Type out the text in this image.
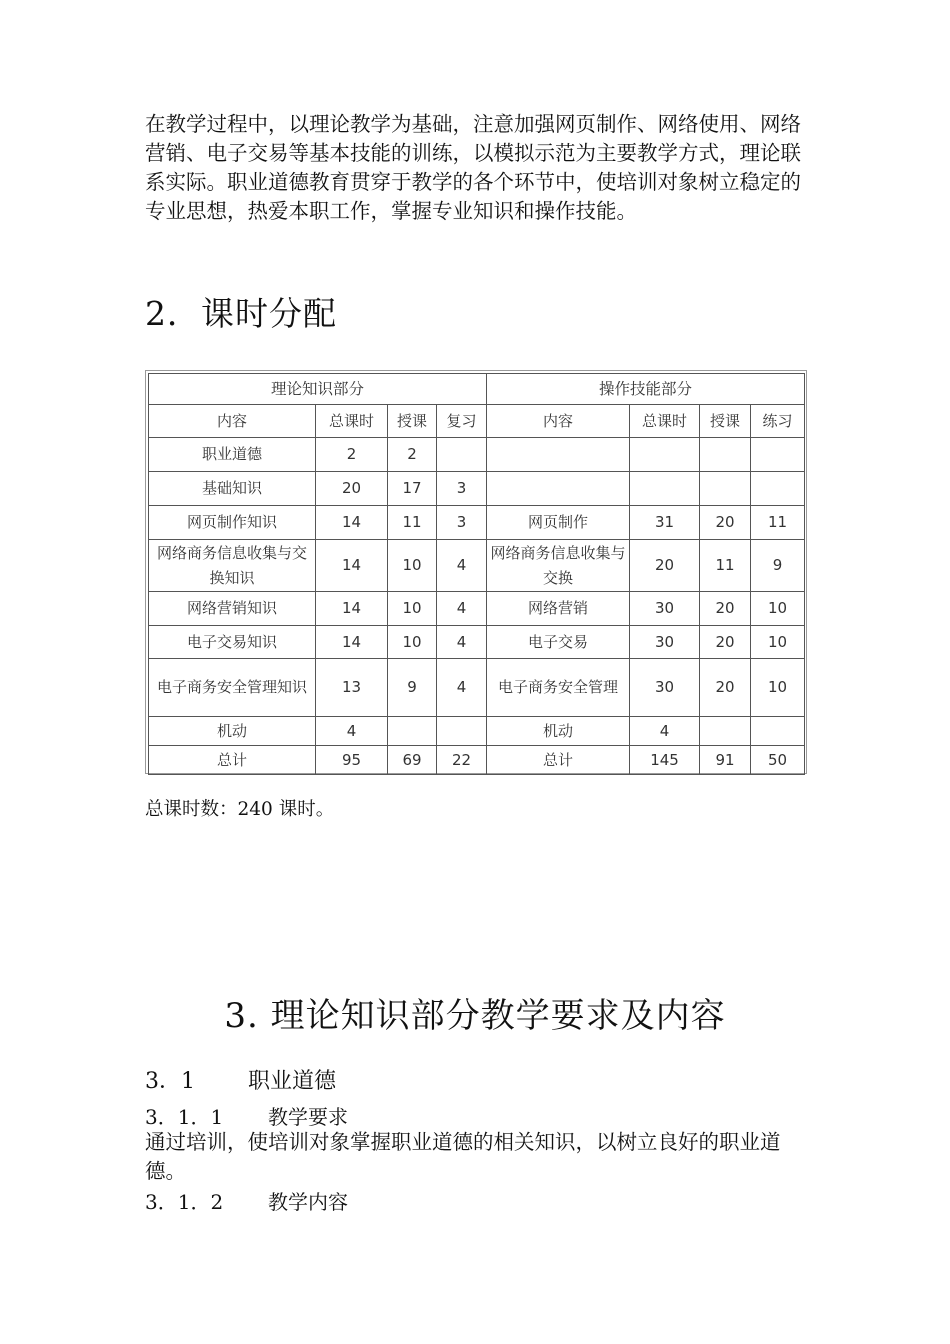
在教学过程中，以理论教学为基础，注意加强网页制作、网络使用、网络营销、电子交易等基本技能的训练，以模拟示范为主要教学方式，理论联系实际。职业道德教育贯穿于教学的各个环节中，使培训对象树立稳定的专业思想，热爱本职工作，掌握专业知识和操作技能。

2．课时分配
理论知识部分				操作技能部分			
内容	总课时	授课	复习	内容	总课时	授课	练习
职业道德	2	2					
基础知识	20	17	3				
网页制作知识	14	11	3	网页制作	31	20	11
网络商务信息收集与交换知识	14	10	4	网络商务信息收集与交换	20	11	9
网络营销知识	14	10	4	网络营销	30	20	10
电子交易知识	14	10	4	电子交易	30	20	10
电子商务安全管理知识	13	9	4	电子商务安全管理	30	20	10
机动	4			机动	4		
总计	95	69	22	总计	145	91	50

总课时数：240 课时。

3. 理论知识部分教学要求及内容

3．1 职业道德

3．1．1 教学要求

通过培训，使培训对象掌握职业道德的相关知识，以树立良好的职业道德。

3．1．2 教学内容
